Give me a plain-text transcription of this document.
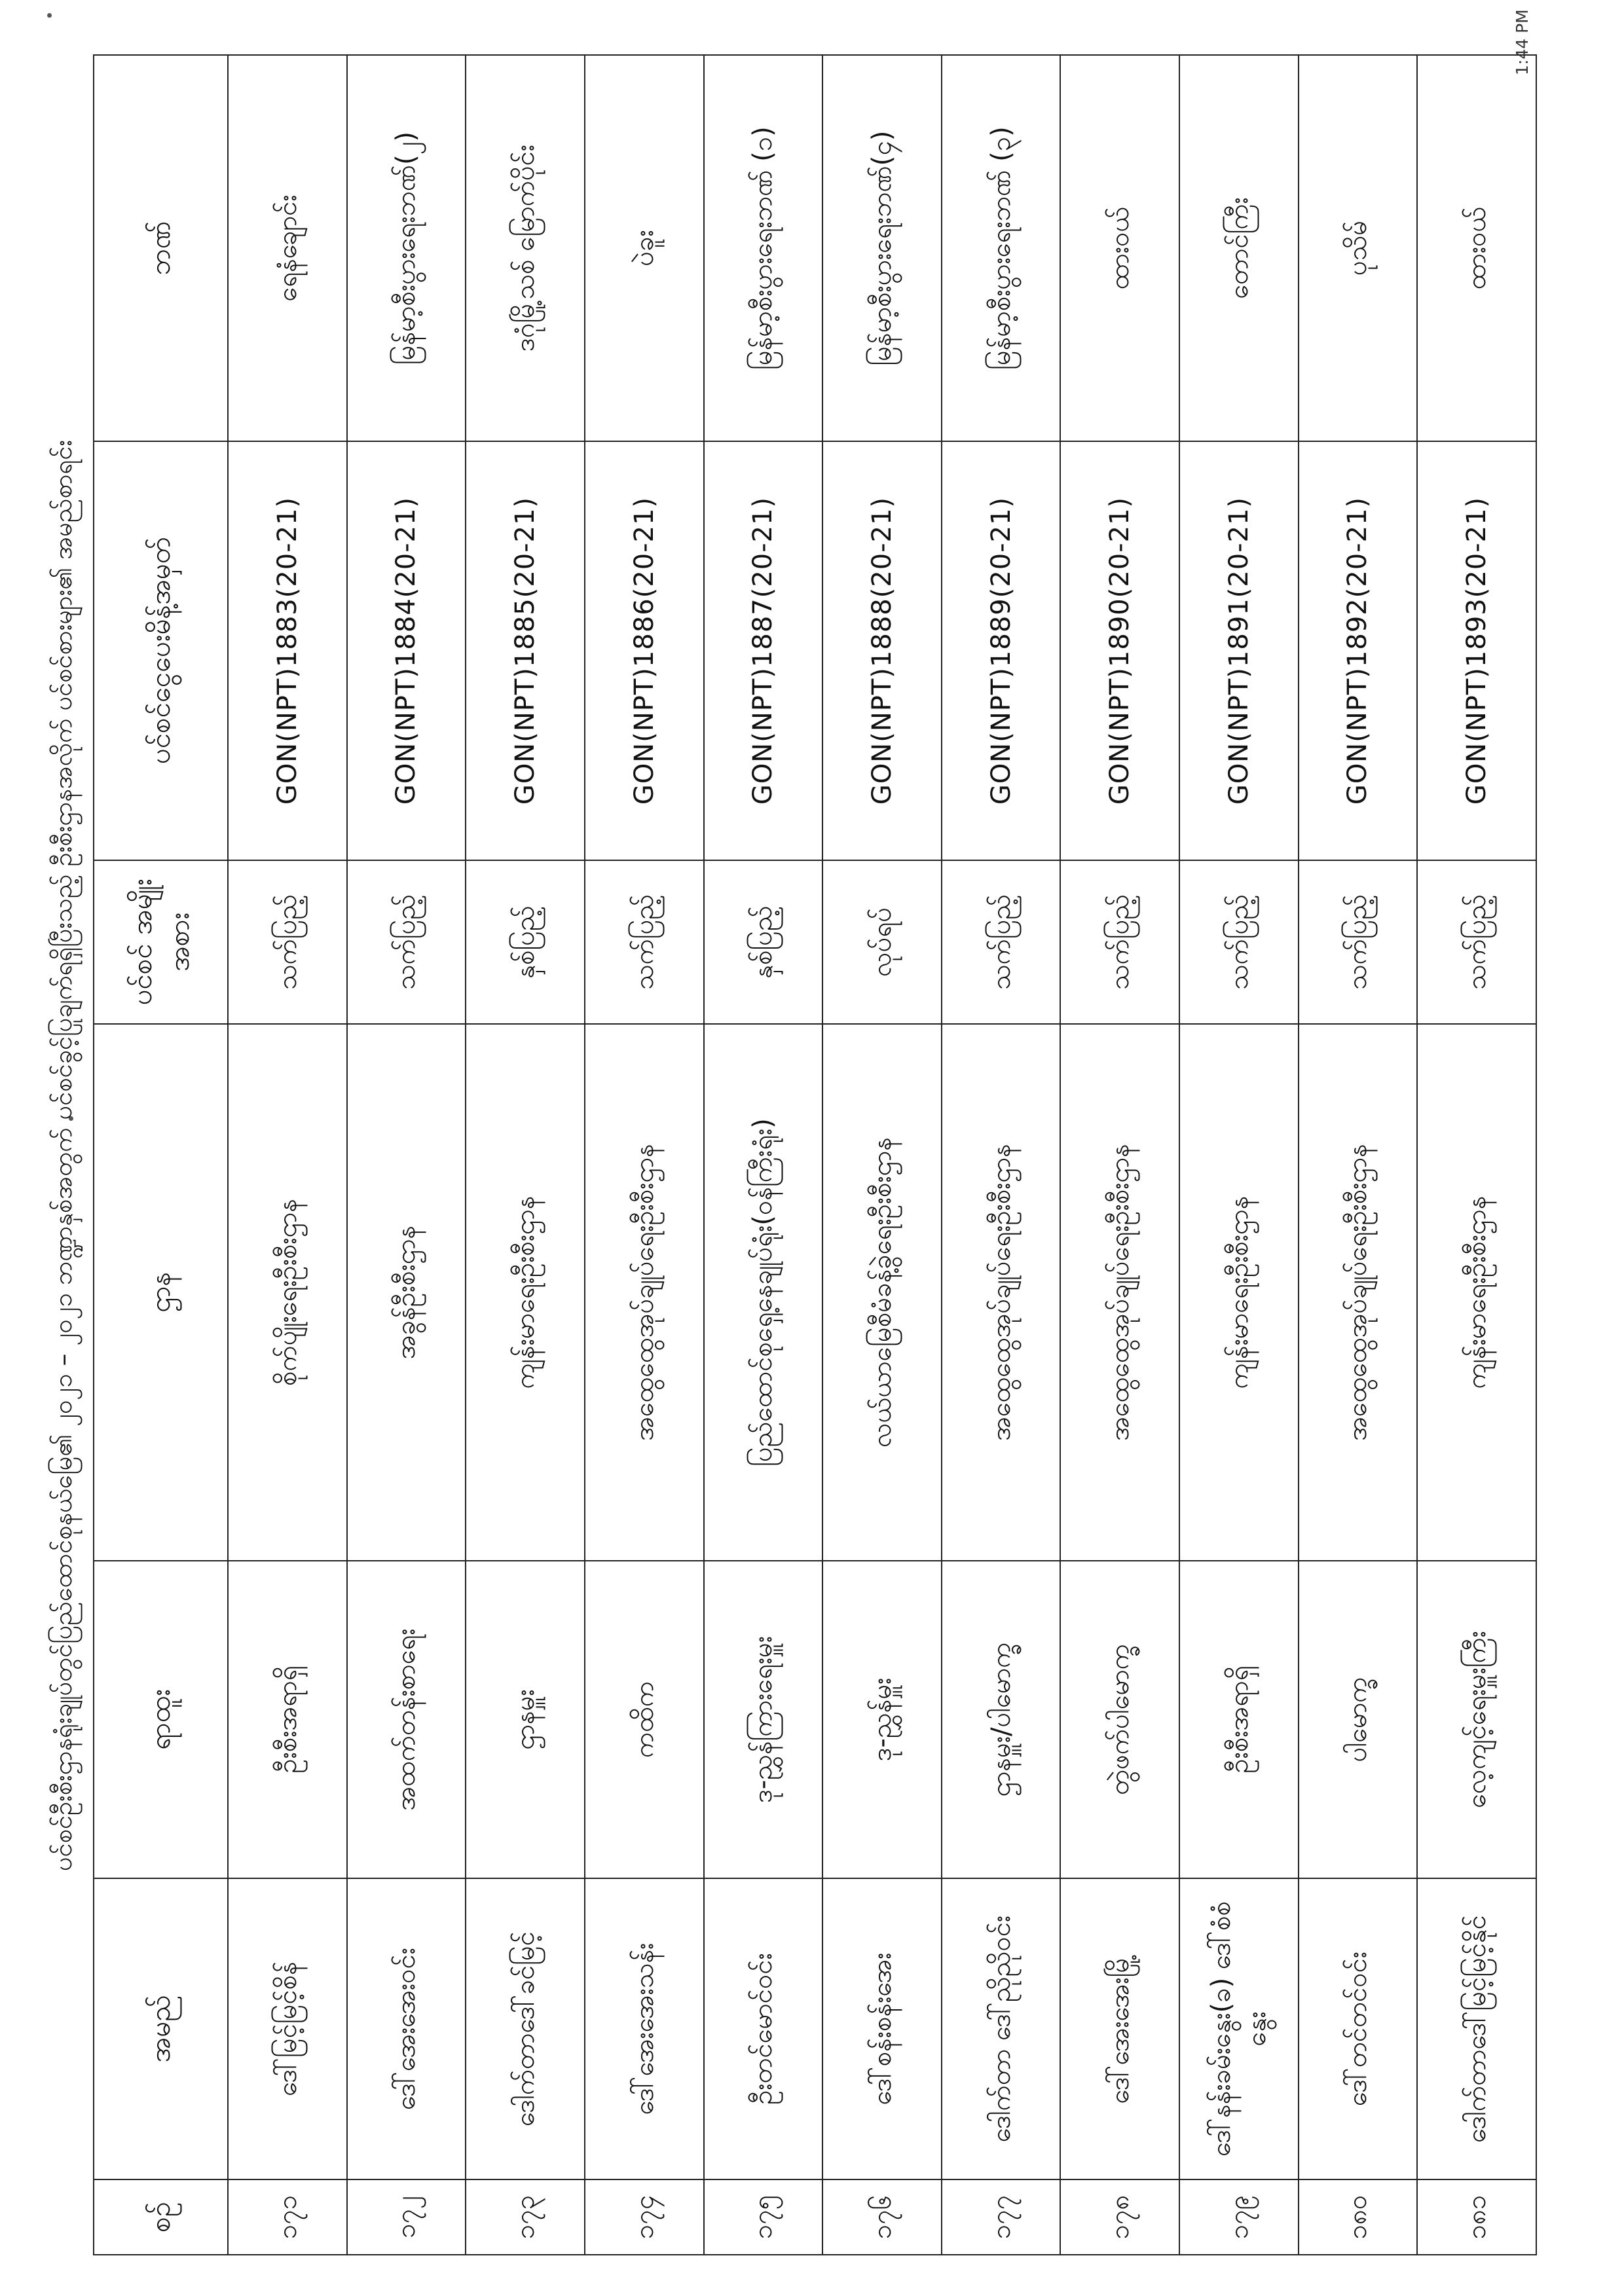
1:44 PM
ပင်စင်ဦးစီးဌာနရုံးချုပ်တွင်ပြည်ထောင်စုနယ်မြေ၏ ၂၀၂၁ – ၂၀၂၁ ဘဏ္ဍာနှစ်အတွက် ပင်စင်ခွင့်ပြုချက်ရရှိပြီးသည့် ဦးစီးဌာနအလိုက် ပင်စင်စားများ၏ အမည်စာရင်း
စဉ်	အမည်	ရာထူး	ဌာန	ပင်စင် အမျိုးအစား	ပင်စင်ငွေပေးမိန့်အမှတ်	ဘဏ်
၁၇၁	ဒေါ်မြင့်မြင့်စိန်	ဦးစီးအရာရှိ	စိုက်ပျိုးရေးဦးစီးဌာန	သက်ပြည့်	GON(NPT)1883(20-21)	ရေနံချောင်း
၁၇၂	ဒေါ်အေးအေးဝင်း	အထက်တန်းစာရေး	အခွန်ဦးစီးဌာန	သက်ပြည့်	GON(NPT)1884(20-21)	မြန်မာ့စီးပွားရေးဘဏ်(၂)
၁၇၃	ဒေါက်တာဒေါ်ခင်မြင့်	ဌာနမှူး	ကျန်းမာရေးဦးစီးဌာန	နှစ်ပြည့်	GON(NPT)1885(20-21)	ဒဂုံမြို့သစ် မြောက်ပိုင်း
၁၇၄	ဒေါ်အေးအေးသန်း	ကထိက	အထွေထွေအုပ်ချုပ်ရေးဦးစီးဌာန	သက်ပြည့်	GON(NPT)1886(20-21)	ပဲခူး
၁၇၅	ဦးတင်မောင်ဝင်း	ဒု-ညွှန်ကြားရေးမှူး	ပြည်ထောင်စုရှေ့နေချုပ်ရုံး(ဝန်ကြီးရုံး)	နှစ်ပြည့်	GON(NPT)1887(20-21)	မြန်မာ့စီးပွားရေးဘဏ် (၁)
၁၇၆	ဒေါ်စန်းစန်းအေး	ဒု-ညွှန်မှူး	လယ်ယာမြေစီမံခန့်ခွဲရေးဦးစီးဌာန	လုပ်ရပ်	GON(NPT)1888(20-21)	မြန်မာ့စီးပွားရေးဘဏ်(၄)
၁၇၇	ဒေါက်တာ ဒေါ်ညိုညိုဝင်း	ဌာနမှူး/ပါမောက္ခ	အထွေထွေအုပ်ချုပ်ရေးဦးစီးဌာန	သက်ပြည့်	GON(NPT)1889(20-21)	မြန်မာ့စီးပွားရေးဘဏ် (၃)
၁၇၈	ဒေါ်အေးအေးမြို့	တွဲဖက်ပါမောက္ခ	အထွေထွေအုပ်ချုပ်ရေးဦးစီးဌာန	သက်ပြည့်	GON(NPT)1890(20-21)	ထားဝယ်
၁၇၉	ဒေါ်နန်းခမ်းနွေး(ခ) ဒေါ်စံစံနွေး	ဦးစီးအရာရှိ	ကျန်းမာရေးဦးစီးဌာန	သက်ပြည့်	GON(NPT)1891(20-21)	တောင်ကြီး
၁၈၀	ဒေါ်တင်တင်ဝင်း	ပါမောက္ခ	အထွေထွေအုပ်ချုပ်ရေးဦးစီးဌာန	သက်ပြည့်	GON(NPT)1892(20-21)	ပုသိမ်
၁၈၁	ဒေါက်တာဒေါ်မြင့်မြင့်နိုင်	လေ့ကျင့်ရေးမှူးကြီး	ကျန်းမာရေးဦးစီးဌာန	သက်ပြည့်	GON(NPT)1893(20-21)	ထားဝယ်
